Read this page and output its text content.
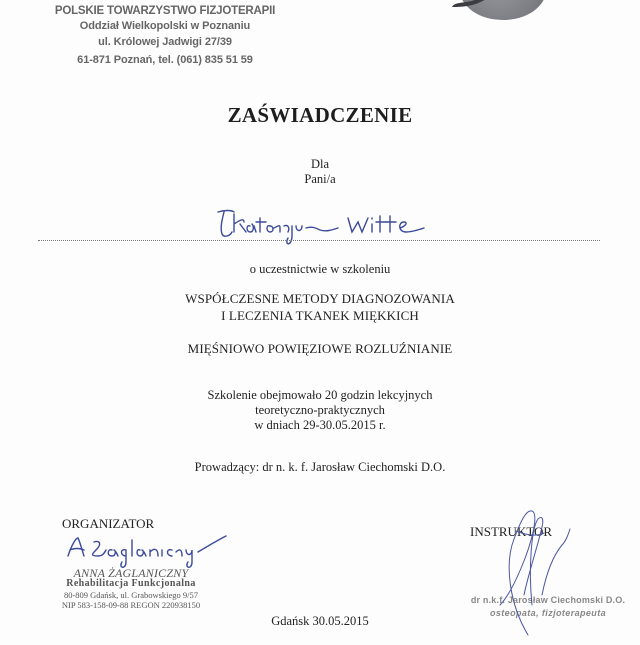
POLSKIE TOWARZYSTWO FIZJOTERAPII
Oddział Wielkopolski w Poznaniu
ul. Królowej Jadwigi 27/39
61-871 Poznań, tel. (061) 835 51 59
ZAŚWIADCZENIE
Dla
Pani/a
o uczestnictwie w szkoleniu
WSPÓŁCZESNE METODY DIAGNOZOWANIA
I LECZENIA TKANEK MIĘKKICH
MIĘŚNIOWO POWIĘZIOWE ROZLUŹNIANIE
Szkolenie obejmowało 20 godzin lekcyjnych
teoretyczno-praktycznych
w dniach 29-30.05.2015 r.
Prowadzący: dr n. k. f. Jarosław Ciechomski D.O.
ORGANIZATOR
ANNA ŻAGLANICZNY
Rehabilitacja Funkcjonalna
80-809 Gdańsk, ul. Grabowskiego 9/57
NIP 583-158-09-88 REGON 220938150
INSTRUKTOR
dr n.k.f. Jarosław Ciechomski D.O.
osteopata, fizjoterapeuta
Gdańsk 30.05.2015
